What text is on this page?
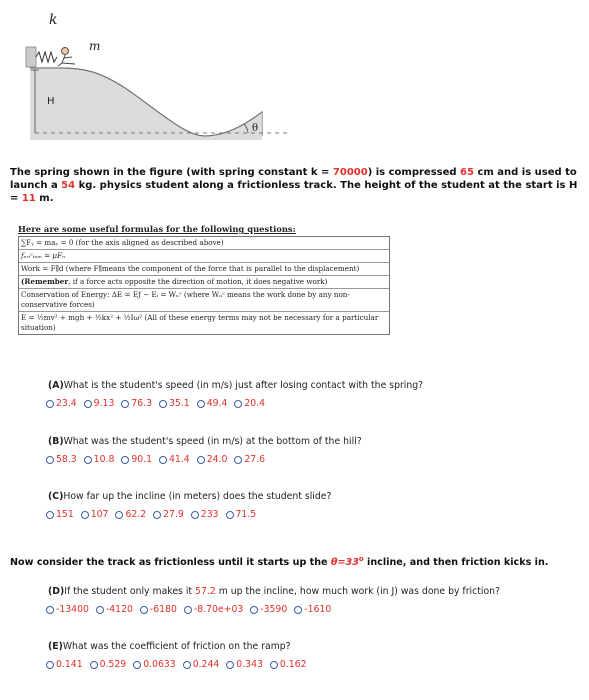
k
m
H
θ
The spring shown in the figure (with spring constant k = 70000) is compressed 65 cm and is used to launch a 54 kg. physics student along a frictionless track. The height of the student at the start is H = 11 m.
Here are some useful formulas for the following questions:
∑Fᵧ = maᵧ = 0 (for the axis aligned as described above)
fₑᵣᵢᶜₜᵢₒₙ = μFₙ
Work = F∥d (where F∥means the component of the force that is parallel to the displacement)
(Remember, if a force acts opposite the direction of motion, it does negative work)
Conservation of Energy: ΔE = Eƒ − Eᵢ = Wₙᶜ (where Wₙᶜ means the work done by any non-conservative forces)
E = ½mv² + mgh + ½kx² + ½Iω² (All of these energy terms may not be necessary for a particular situation)
(A)What is the student's speed (in m/s) just after losing contact with the spring?
23.4
9.13
76.3
35.1
49.4
20.4
(B)What was the student's speed (in m/s) at the bottom of the hill?
58.3
10.8
90.1
41.4
24.0
27.6
(C)How far up the incline (in meters) does the student slide?
151
107
62.2
27.9
233
71.5
Now consider the track as frictionless until it starts up the $\theta=33^o$ incline, and then friction kicks in.
(D)If the student only makes it 57.2 m up the incline, how much work (in J) was done by friction?
-13400
-4120
-6180
-8.70e+03
-3590
-1610
(E)What was the coefficient of friction on the ramp?
0.141
0.529
0.0633
0.244
0.343
0.162
